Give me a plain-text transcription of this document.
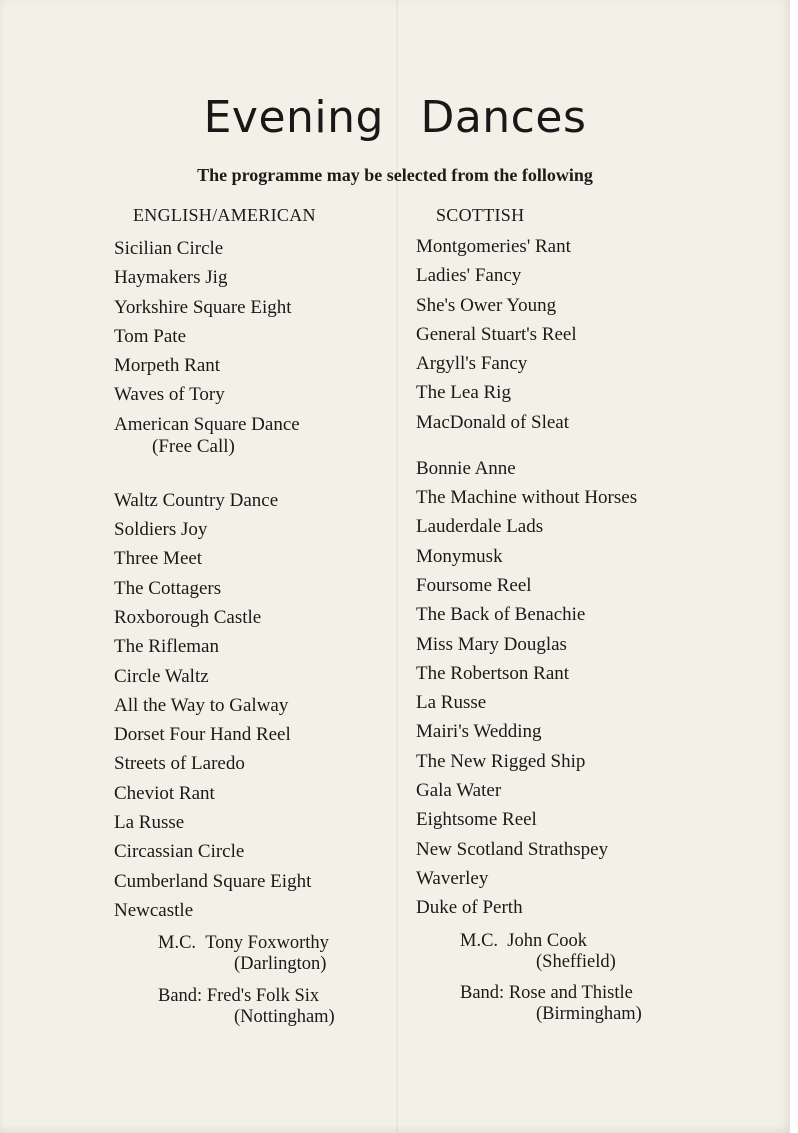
Evening Dances
The programme may be selected from the following
ENGLISH/AMERICAN
Sicilian Circle
Haymakers Jig
Yorkshire Square Eight
Tom Pate
Morpeth Rant
Waves of Tory
American Square Dance
(Free Call)
Waltz Country Dance
Soldiers Joy
Three Meet
The Cottagers
Roxborough Castle
The Rifleman
Circle Waltz
All the Way to Galway
Dorset Four Hand Reel
Streets of Laredo
Cheviot Rant
La Russe
Circassian Circle
Cumberland Square Eight
Newcastle
M.C. Tony Foxworthy
(Darlington)
Band: Fred's Folk Six
(Nottingham)
SCOTTISH
Montgomeries' Rant
Ladies' Fancy
She's Ower Young
General Stuart's Reel
Argyll's Fancy
The Lea Rig
MacDonald of Sleat
Bonnie Anne
The Machine without Horses
Lauderdale Lads
Monymusk
Foursome Reel
The Back of Benachie
Miss Mary Douglas
The Robertson Rant
La Russe
Mairi's Wedding
The New Rigged Ship
Gala Water
Eightsome Reel
New Scotland Strathspey
Waverley
Duke of Perth
M.C. John Cook
(Sheffield)
Band: Rose and Thistle
(Birmingham)
